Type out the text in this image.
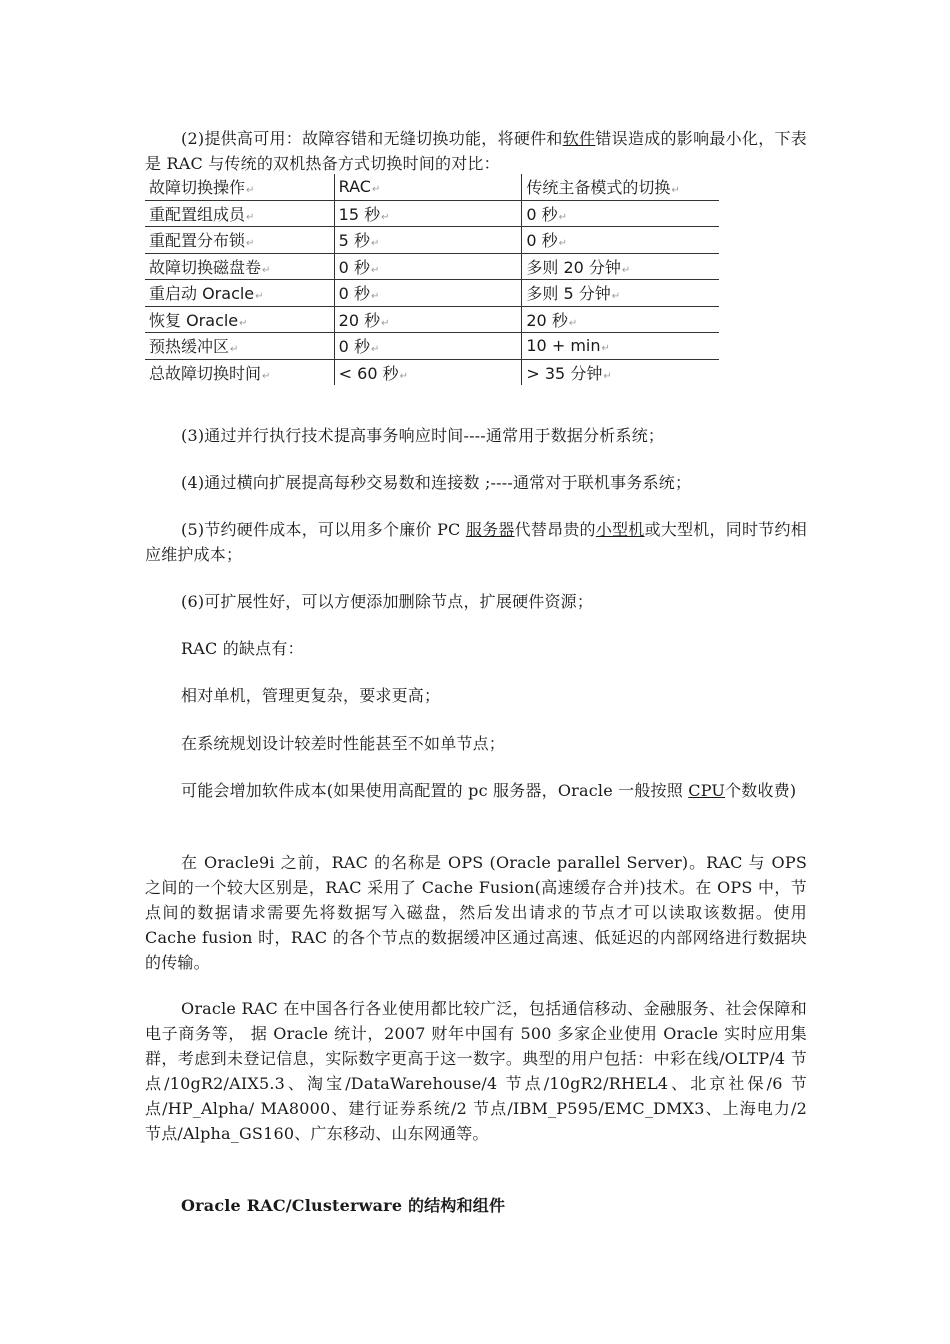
(2)提供高可用：故障容错和无缝切换功能，将硬件和软件错误造成的影响最小化，下表是 RAC 与传统的双机热备方式切换时间的对比：

故障切换操作↵	RAC↵	传统主备模式的切换↵
重配置组成员↵	15 秒↵	0 秒↵
重配置分布锁↵	5 秒↵	0 秒↵
故障切换磁盘卷↵	0 秒↵	多则 20 分钟↵
重启动 Oracle↵	0 秒↵	多则 5 分钟↵
恢复 Oracle↵	20 秒↵	20 秒↵
预热缓冲区↵	0 秒↵	10 + min↵
总故障切换时间↵	< 60 秒↵	> 35 分钟↵

(3)通过并行执行技术提高事务响应时间----通常用于数据分析系统；

(4)通过横向扩展提高每秒交易数和连接数 ;----通常对于联机事务系统；

(5)节约硬件成本，可以用多个廉价 PC 服务器代替昂贵的小型机或大型机，同时节约相应维护成本；

(6)可扩展性好，可以方便添加删除节点，扩展硬件资源；

RAC 的缺点有：

相对单机，管理更复杂，要求更高；

在系统规划设计较差时性能甚至不如单节点；

可能会增加软件成本(如果使用高配置的 pc 服务器，Oracle 一般按照 CPU个数收费)

在 Oracle9i 之前，RAC 的名称是 OPS (Oracle parallel Server)。RAC 与 OPS 之间的一个较大区别是，RAC 采用了 Cache Fusion(高速缓存合并)技术。在 OPS 中，节点间的数据请求需要先将数据写入磁盘，然后发出请求的节点才可以读取该数据。使用 Cache fusion 时，RAC 的各个节点的数据缓冲区通过高速、低延迟的内部网络进行数据块的传输。

Oracle RAC 在中国各行各业使用都比较广泛，包括通信移动、金融服务、社会保障和电子商务等， 据 Oracle 统计，2007 财年中国有 500 多家企业使用 Oracle 实时应用集群，考虑到未登记信息，实际数字更高于这一数字。典型的用户包括：中彩在线/OLTP/4 节点/10gR2/AIX5.3、淘宝/DataWarehouse/4 节点/10gR2/RHEL4、北京社保/6 节点/HP_Alpha/ MA8000、建行证券系统/2 节点/IBM_P595/EMC_DMX3、上海电力/2 节点/Alpha_GS160、广东移动、山东网通等。

Oracle RAC/Clusterware 的结构和组件
